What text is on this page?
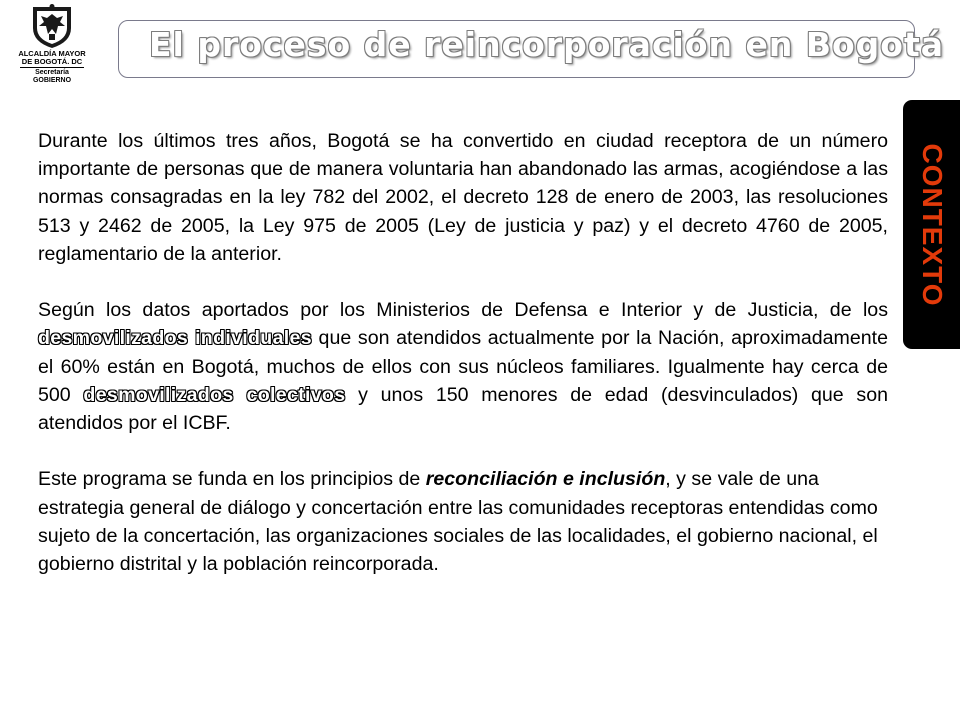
ALCALDÍA MAYOR
DE BOGOTÁ. DC
Secretaría
GOBIERNO
El proceso de reincorporación en Bogotá
CONTEXTO

Durante los últimos tres años, Bogotá se ha convertido en ciudad receptora de un número importante de personas que de manera voluntaria han abandonado las armas, acogiéndose a las normas consagradas en la ley 782 del 2002, el decreto 128 de enero de 2003, las resoluciones 513 y 2462 de 2005, la Ley 975 de 2005 (Ley de justicia y paz) y el decreto 4760 de 2005, reglamentario de la anterior.

Según los datos aportados por los Ministerios de Defensa e Interior y de Justicia, de los desmovilizados individuales que son atendidos actualmente por la Nación, aproximadamente el 60% están en Bogotá, muchos de ellos con sus núcleos familiares. Igualmente hay cerca de 500 desmovilizados colectivos y unos 150 menores de edad (desvinculados) que son atendidos por el ICBF.

Este programa se funda en los principios de reconciliación e inclusión, y se vale de una estrategia general de diálogo y concertación entre las comunidades receptoras entendidas como sujeto de la concertación, las organizaciones sociales de las localidades, el gobierno nacional, el gobierno distrital y la población reincorporada.
